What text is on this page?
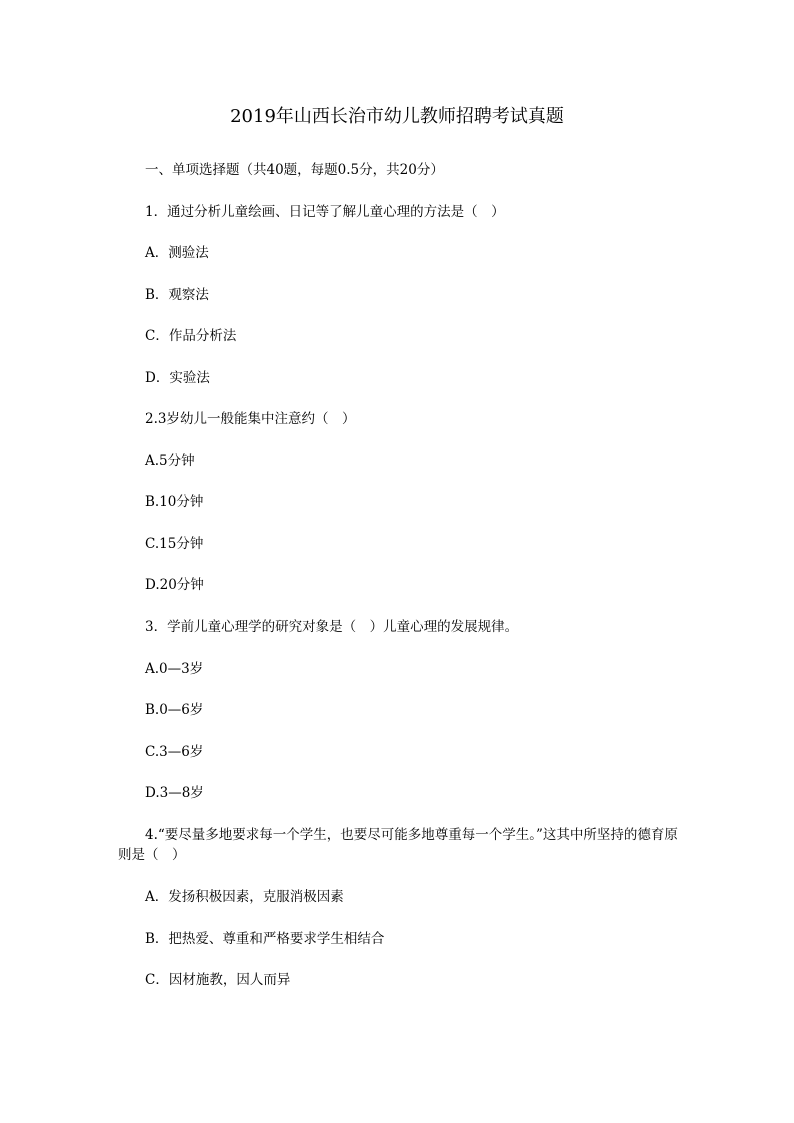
2019年山西长治市幼儿教师招聘考试真题
一、单项选择题（共40题，每题0.5分，共20分）
1．通过分析儿童绘画、日记等了解儿童心理的方法是（　）
A．测验法
B．观察法
C．作品分析法
D．实验法
2.3岁幼儿一般能集中注意约（　）
A.5分钟
B.10分钟
C.15分钟
D.20分钟
3．学前儿童心理学的研究对象是（　）儿童心理的发展规律。
A.0—3岁
B.0—6岁
C.3—6岁
D.3—8岁
4.“要尽量多地要求每一个学生，也要尽可能多地尊重每一个学生。”这其中所坚持的德育原则是（　）
A．发扬积极因素，克服消极因素
B．把热爱、尊重和严格要求学生相结合
C．因材施教，因人而异
